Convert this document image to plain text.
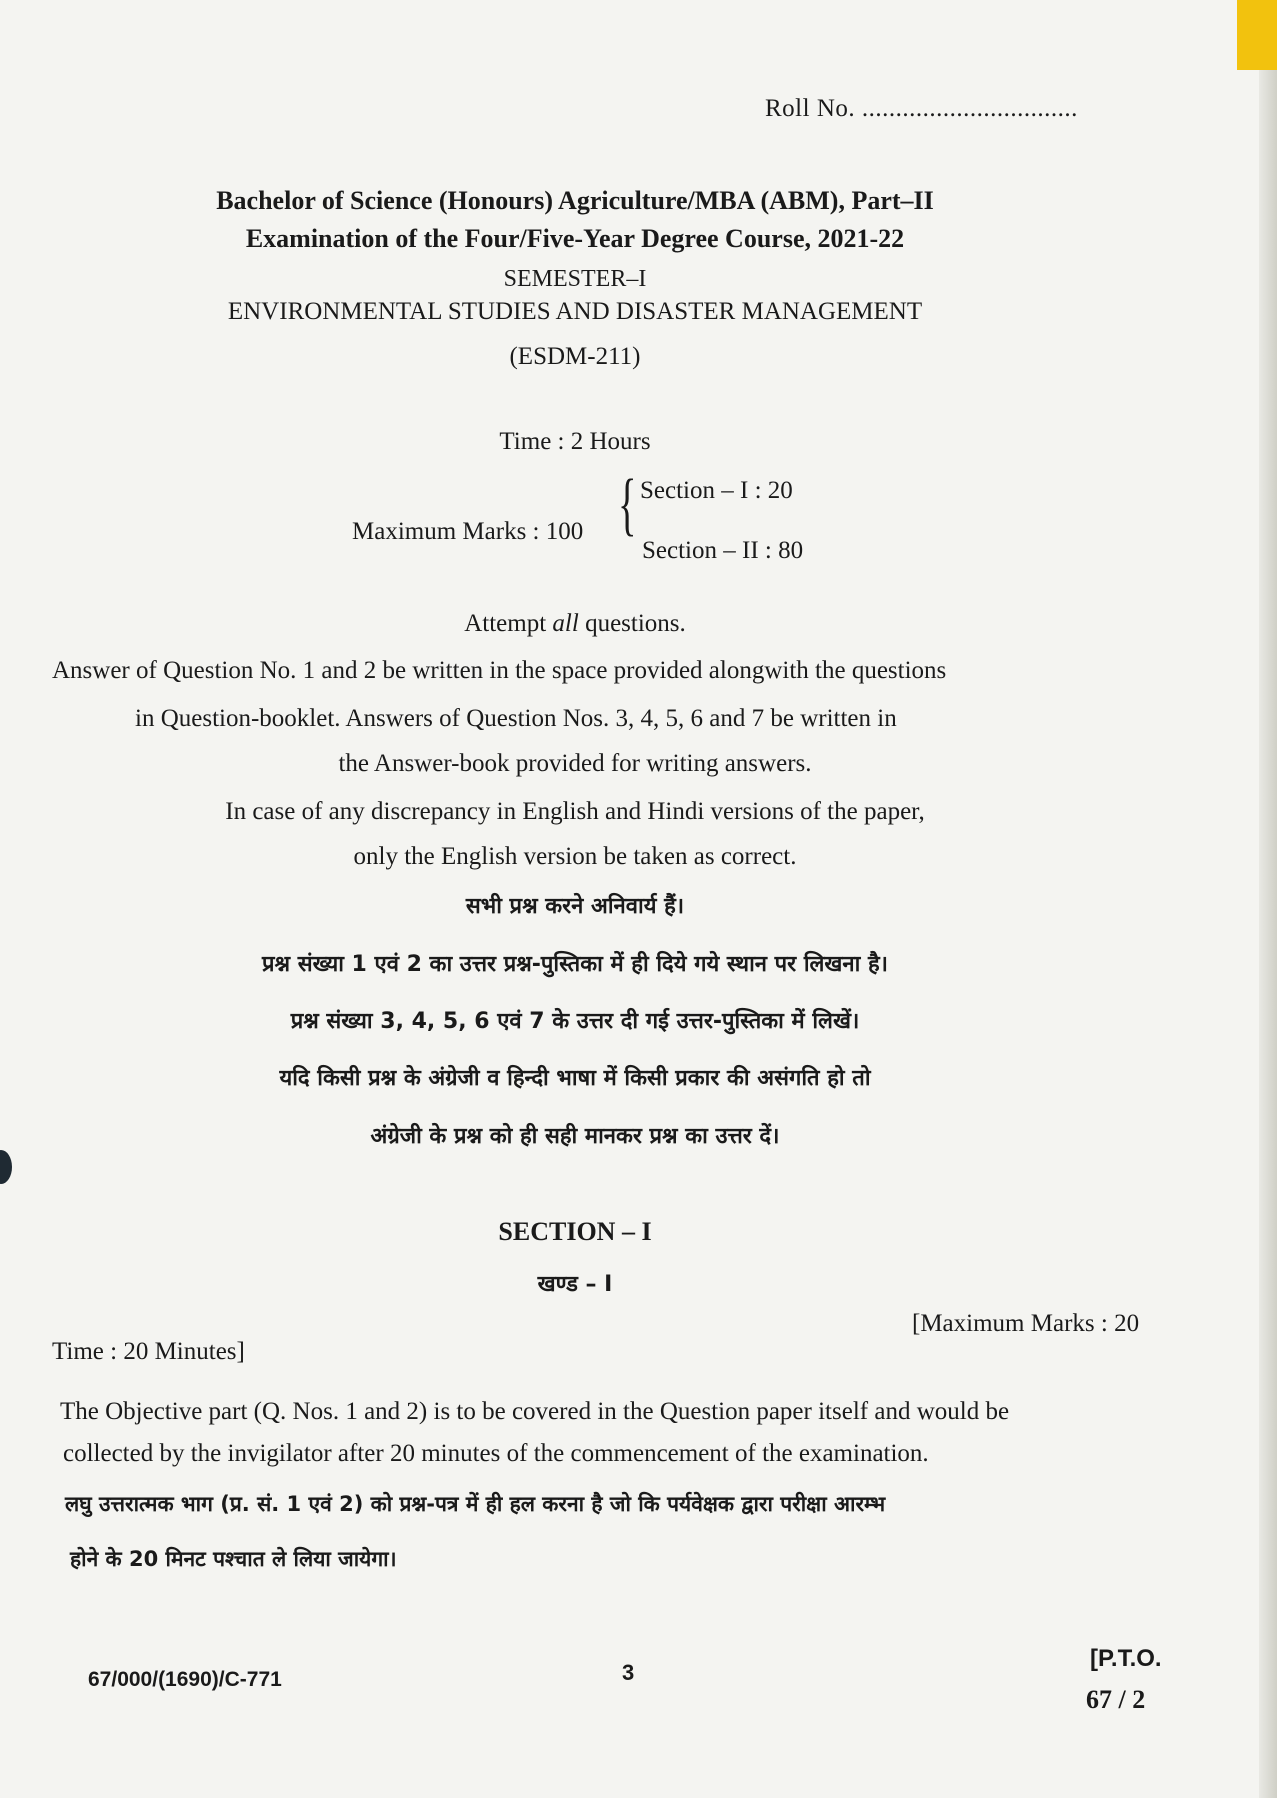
Roll No. ................................
Bachelor of Science (Honours) Agriculture/MBA (ABM), Part–II
Examination of the Four/Five-Year Degree Course, 2021-22
SEMESTER–I
ENVIRONMENTAL STUDIES AND DISASTER MANAGEMENT
(ESDM-211)
Time : 2 Hours
Maximum Marks : 100 { Section – I : 20
Section – II : 80
Attempt all questions.
Answer of Question No. 1 and 2 be written in the space provided alongwith the questions
in Question-booklet. Answers of Question Nos. 3, 4, 5, 6 and 7 be written in
the Answer-book provided for writing answers.
In case of any discrepancy in English and Hindi versions of the paper,
only the English version be taken as correct.
सभी प्रश्न करने अनिवार्य हैं।
प्रश्न संख्या 1 एवं 2 का उत्तर प्रश्न-पुस्तिका में ही दिये गये स्थान पर लिखना है।
प्रश्न संख्या 3, 4, 5, 6 एवं 7 के उत्तर दी गई उत्तर-पुस्तिका में लिखें।
यदि किसी प्रश्न के अंग्रेजी व हिन्दी भाषा में किसी प्रकार की असंगति हो तो
अंग्रेजी के प्रश्न को ही सही मानकर प्रश्न का उत्तर दें।
SECTION – I
खण्ड – I
Time : 20 Minutes]
[Maximum Marks : 20
The Objective part (Q. Nos. 1 and 2) is to be covered in the Question paper itself and would be
collected by the invigilator after 20 minutes of the commencement of the examination.
लघु उत्तरात्मक भाग (प्र. सं. 1 एवं 2) को प्रश्न-पत्र में ही हल करना है जो कि पर्यवेक्षक द्वारा परीक्षा आरम्भ
होने के 20 मिनट पश्चात ले लिया जायेगा।
67/000/(1690)/C-771	3
[P.T.O.
67 / 2
